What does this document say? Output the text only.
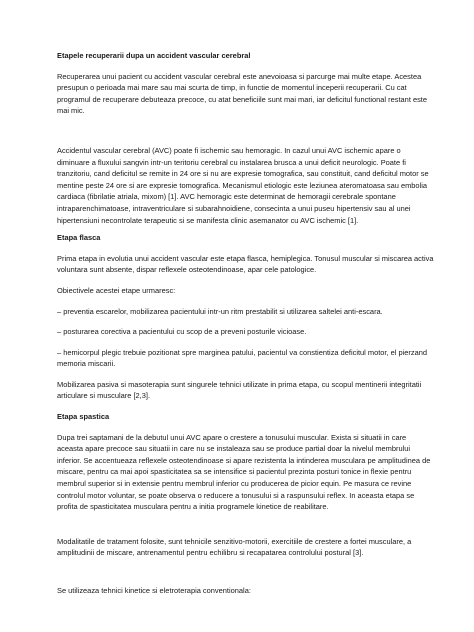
Etapele recuperarii dupa un accident vascular cerebral

Recuperarea unui pacient cu accident vascular cerebral este anevoioasa si parcurge mai multe etape. Acestea presupun o perioada mai mare sau mai scurta de timp, in functie de momentul inceperii recuperarii. Cu cat programul de recuperare debuteaza precoce, cu atat beneficiile sunt mai mari, iar deficitul functional restant este mai mic.

Accidentul vascular cerebral (AVC) poate fi ischemic sau hemoragic. In cazul unui AVC ischemic apare o diminuare a fluxului sangvin intr-un teritoriu cerebral cu instalarea brusca a unui deficit neurologic. Poate fi tranzitoriu, cand deficitul se remite in 24 ore si nu are expresie tomografica, sau constituit, cand deficitul motor se mentine peste 24 ore si are expresie tomografica. Mecanismul etiologic este leziunea ateromatoasa sau embolia cardiaca (fibrilatie atriala, mixom) [1]. AVC hemoragic este determinat de hemoragii cerebrale spontane intraparenchimatoase, intraventriculare si subarahnoidiene, consecinta a unui puseu hipertensiv sau al unei hipertensiuni necontrolate terapeutic si se manifesta clinic asemanator cu AVC ischemic [1].

Etapa flasca

Prima etapa in evolutia unui accident vascular este etapa flasca, hemiplegica. Tonusul muscular si miscarea activa voluntara sunt absente, dispar reflexele osteotendinoase, apar cele patologice.

Obiectivele acestei etape urmaresc:

– preventia escarelor, mobilizarea pacientului intr-un ritm prestabilit si utilizarea saltelei anti-escara.

– posturarea corectiva a pacientului cu scop de a preveni posturile vicioase.

– hemicorpul plegic trebuie pozitionat spre marginea patului, pacientul va constientiza deficitul motor, el pierzand memoria miscarii.

Mobilizarea pasiva si masoterapia sunt singurele tehnici utilizate in prima etapa, cu scopul mentinerii integritatii articulare si musculare [2,3].

Etapa spastica

Dupa trei saptamani de la debutul unui AVC apare o crestere a tonusului muscular. Exista si situatii in care aceasta apare precoce sau situatii in care nu se instaleaza sau se produce partial doar la nivelul membrului inferior. Se accentueaza reflexele osteotendinoase si apare rezistenta la intinderea musculara pe amplitudinea de miscare, pentru ca mai apoi spasticitatea sa se intensifice si pacientul prezinta posturi tonice in flexie pentru membrul superior si in extensie pentru membrul inferior cu producerea de picior equin. Pe masura ce revine controlul motor voluntar, se poate observa o reducere a tonusului si a raspunsului reflex. In aceasta etapa se profita de spasticitatea musculara pentru a initia programele kinetice de reabilitare.

Modalitatile de tratament folosite, sunt tehnicile senzitivo-motorii, exercitiile de crestere a fortei musculare, a amplitudinii de miscare, antrenamentul pentru echilibru si recapatarea controlului postural [3].

Se utilizeaza tehnici kinetice si eletroterapia conventionala:
